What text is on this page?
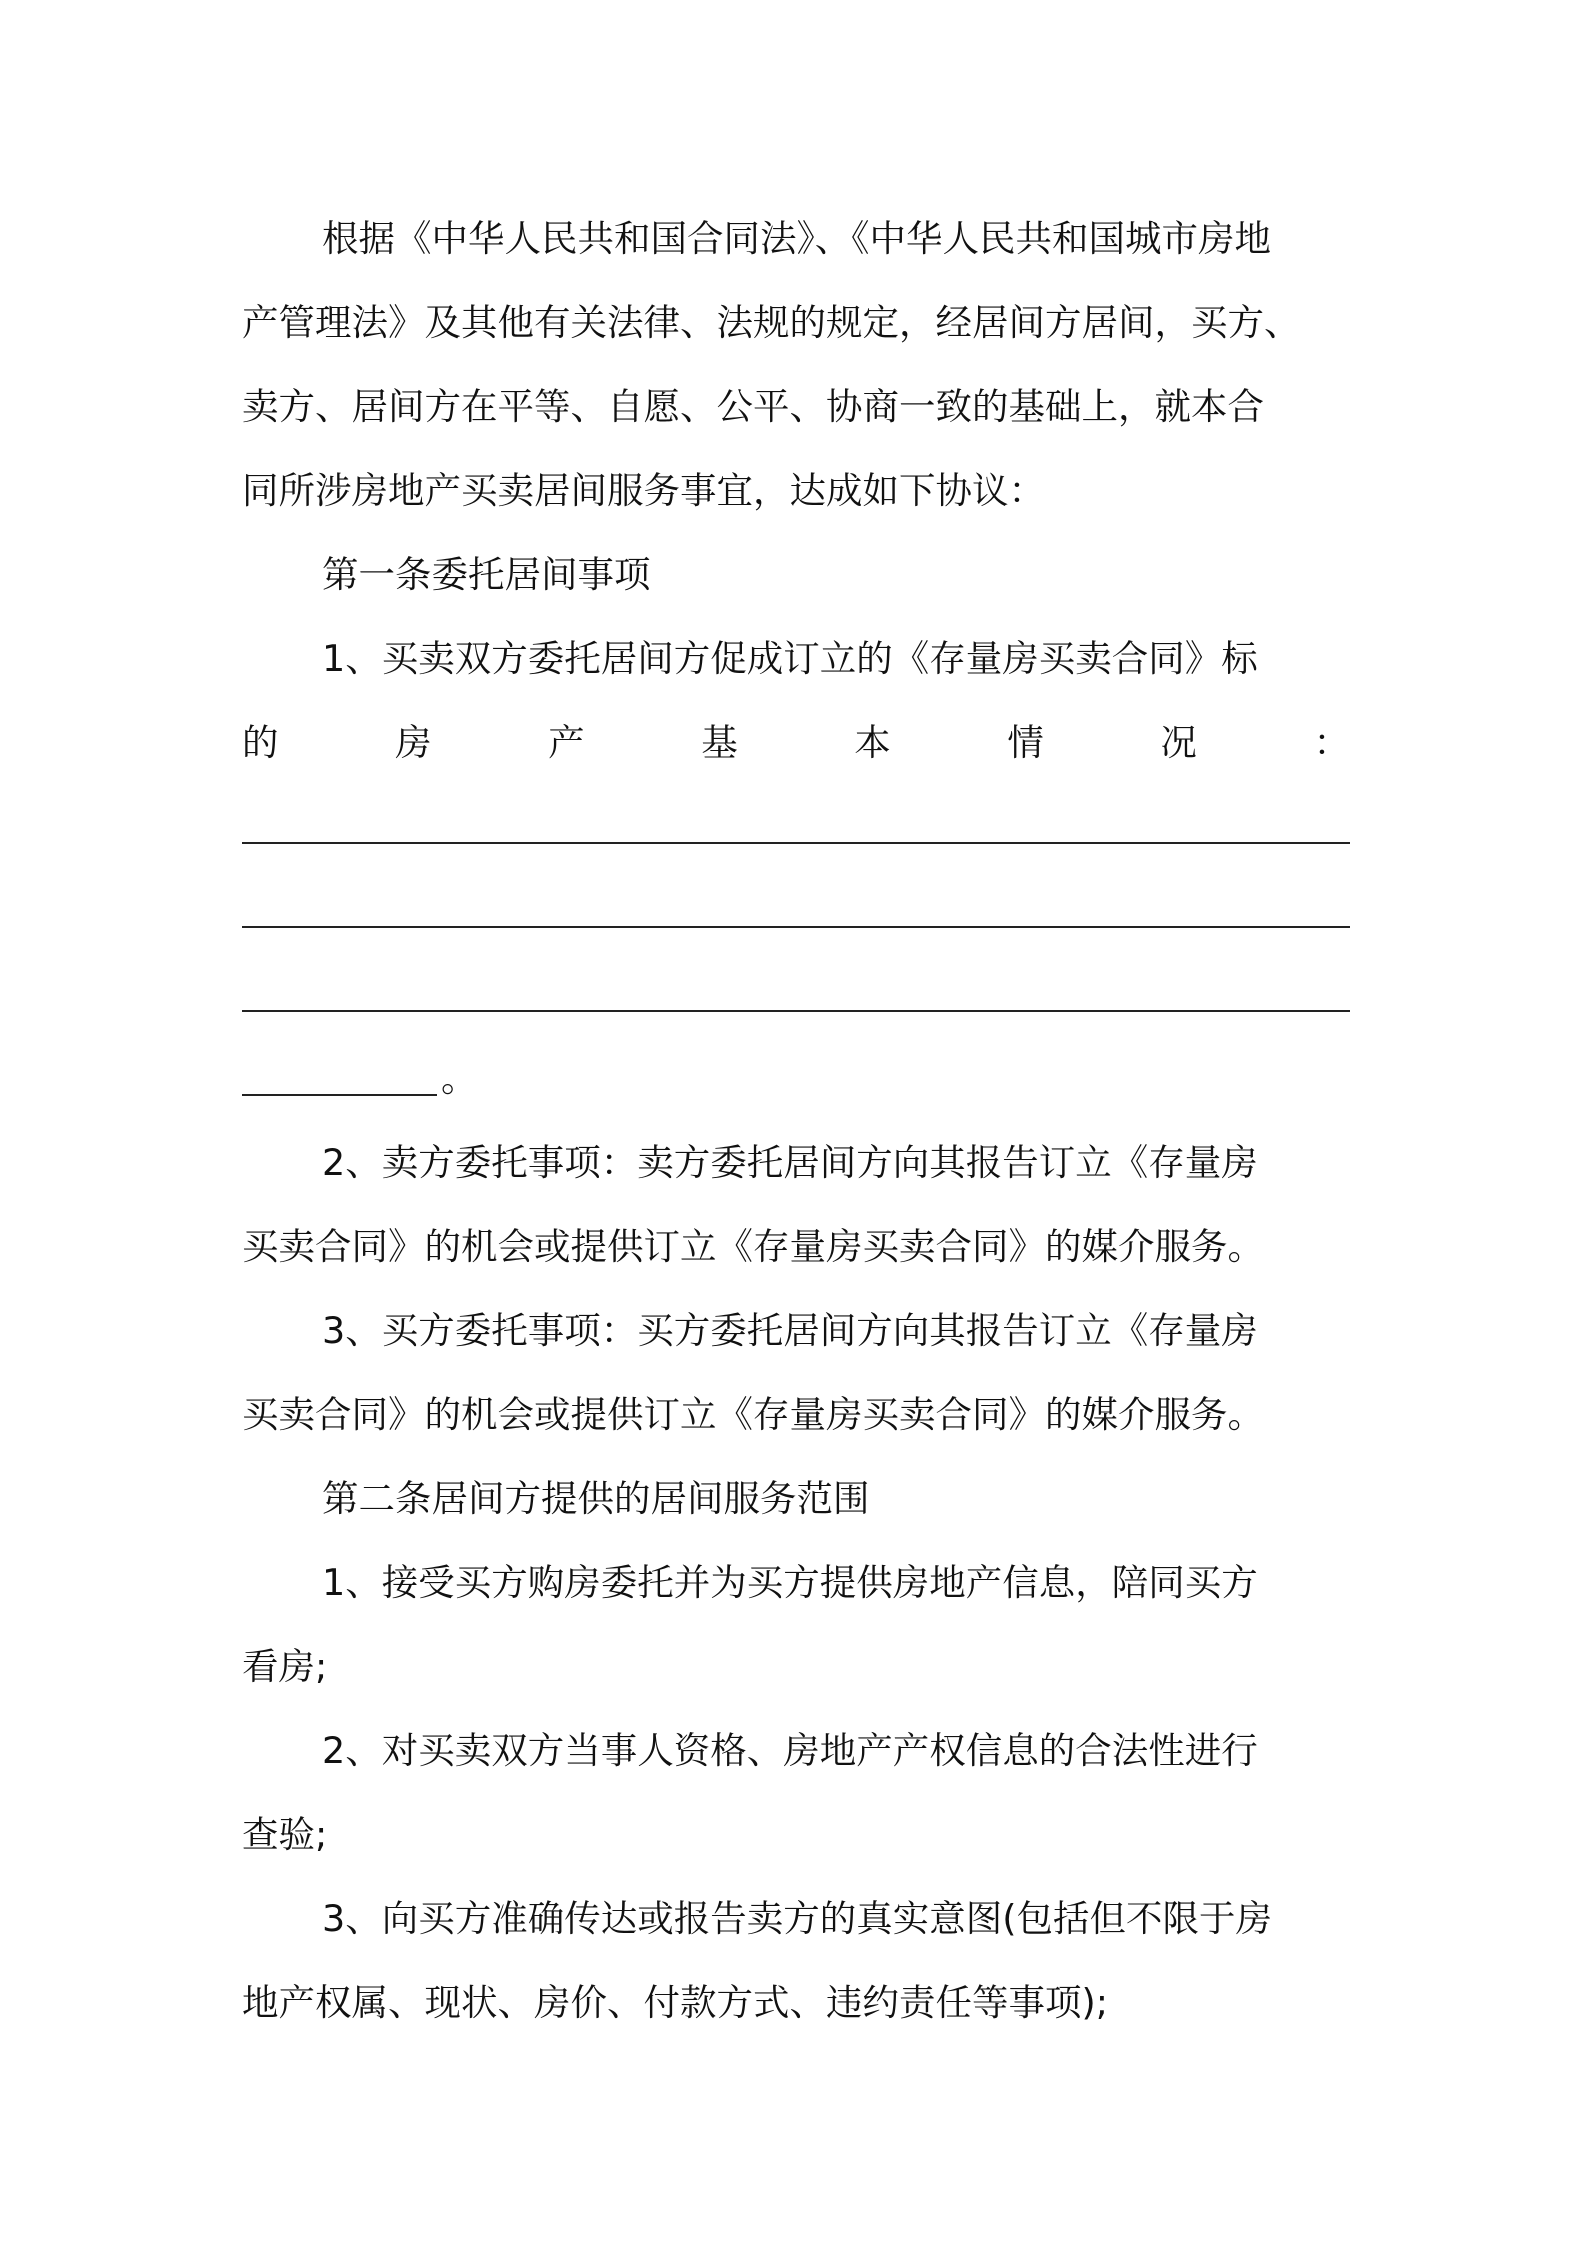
根据《中华人民共和国合同法》、《中华人民共和国城市房地
产管理法》及其他有关法律、法规的规定，经居间方居间，买方、
卖方、居间方在平等、自愿、公平、协商一致的基础上，就本合
同所涉房地产买卖居间服务事宜，达成如下协议：
第一条委托居间事项
1、买卖双方委托居间方促成订立的《存量房买卖合同》标
的	房	产	基	本	情	况	：
。
2、卖方委托事项：卖方委托居间方向其报告订立《存量房
买卖合同》的机会或提供订立《存量房买卖合同》的媒介服务。
3、买方委托事项：买方委托居间方向其报告订立《存量房
买卖合同》的机会或提供订立《存量房买卖合同》的媒介服务。
第二条居间方提供的居间服务范围
1、接受买方购房委托并为买方提供房地产信息，陪同买方
看房;
2、对买卖双方当事人资格、房地产产权信息的合法性进行
查验;
3、向买方准确传达或报告卖方的真实意图(包括但不限于房
地产权属、现状、房价、付款方式、违约责任等事项);
